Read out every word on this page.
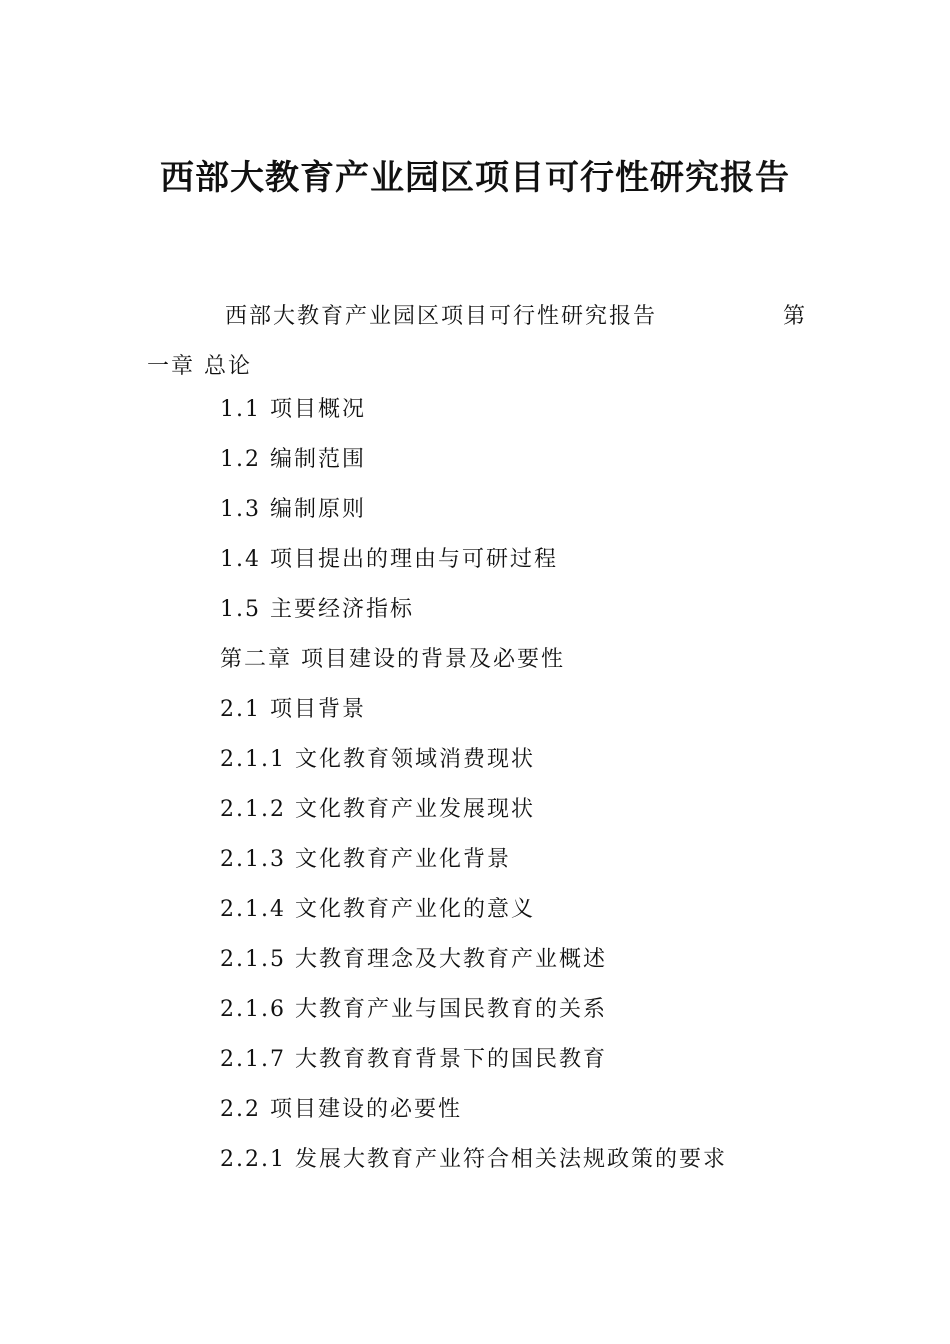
西部大教育产业园区项目可行性研究报告

西部大教育产业园区项目可行性研究报告	第

一章 总论

1.1 项目概况
1.2 编制范围
1.3 编制原则
1.4 项目提出的理由与可研过程
1.5 主要经济指标
第二章 项目建设的背景及必要性
2.1 项目背景
2.1.1 文化教育领域消费现状
2.1.2 文化教育产业发展现状
2.1.3 文化教育产业化背景
2.1.4 文化教育产业化的意义
2.1.5 大教育理念及大教育产业概述
2.1.6 大教育产业与国民教育的关系
2.1.7 大教育教育背景下的国民教育
2.2 项目建设的必要性
2.2.1 发展大教育产业符合相关法规政策的要求
